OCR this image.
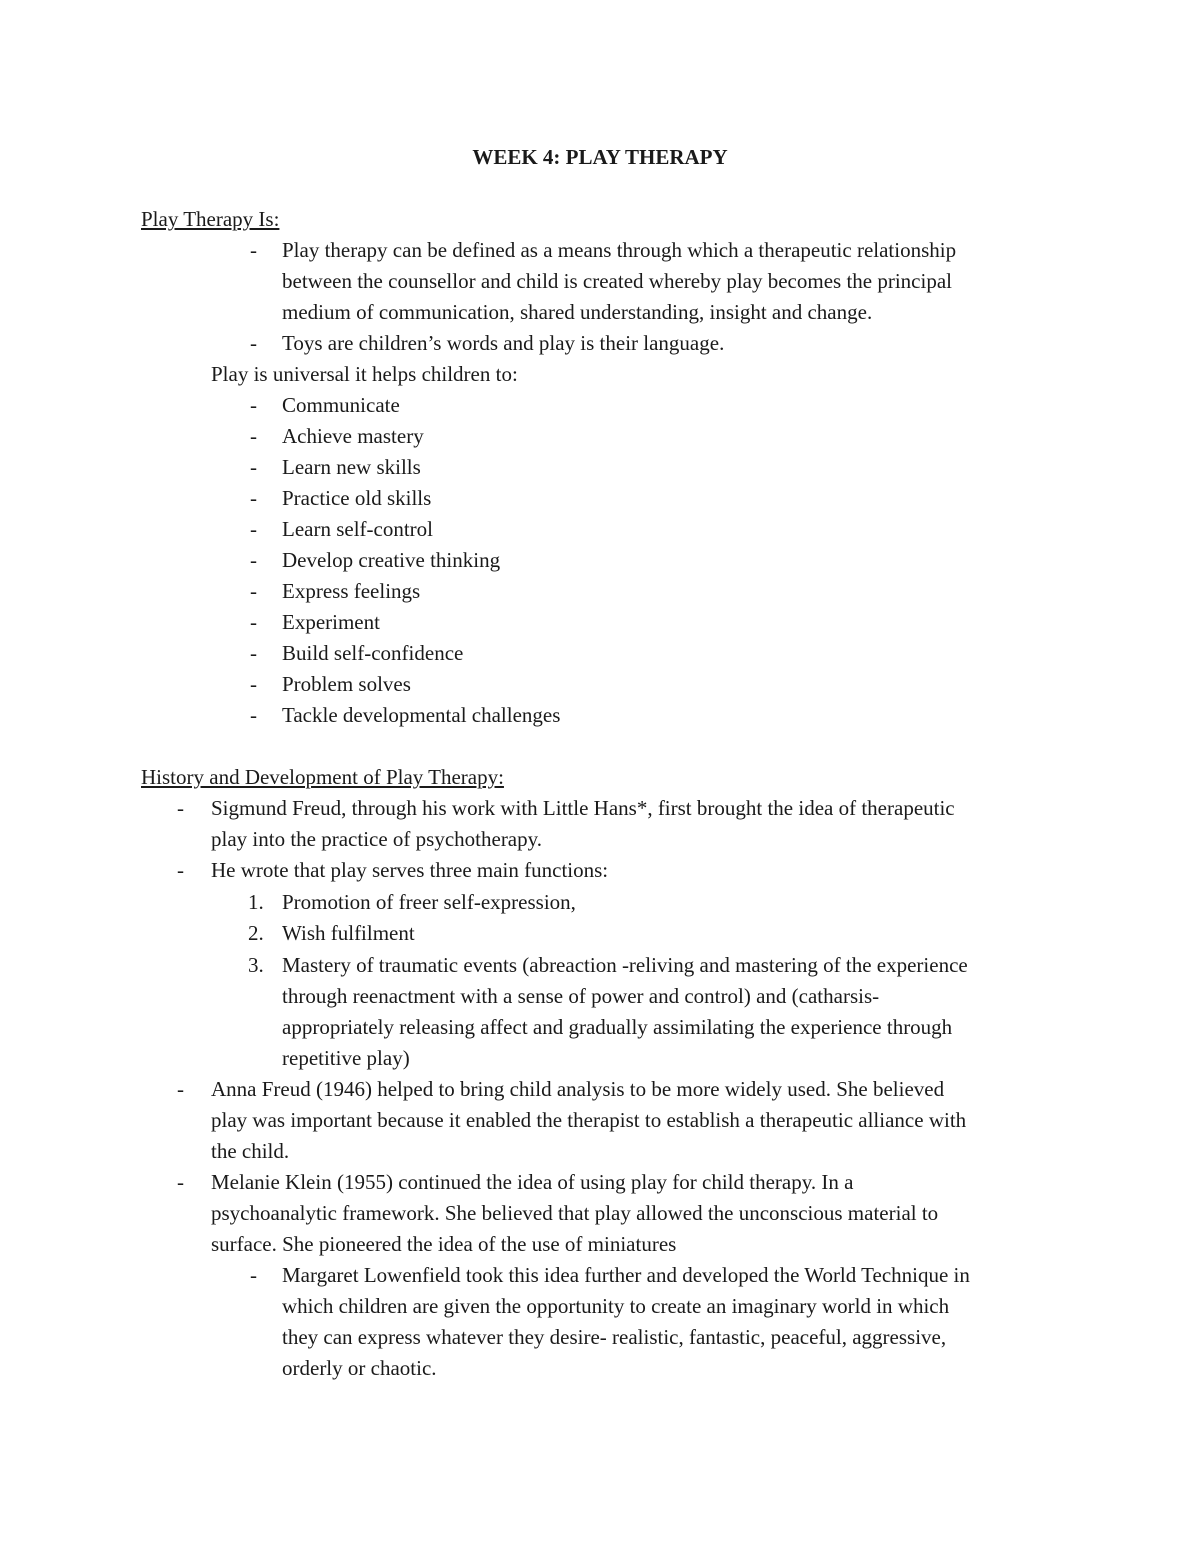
WEEK 4: PLAY THERAPY
Play Therapy Is:
- Play therapy can be defined as a means through which a therapeutic relationship
between the counsellor and child is created whereby play becomes the principal
medium of communication, shared understanding, insight and change.
- Toys are children’s words and play is their language.
Play is universal it helps children to:
- Communicate
- Achieve mastery
- Learn new skills
- Practice old skills
- Learn self-control
- Develop creative thinking
- Express feelings
- Experiment
- Build self-confidence
- Problem solves
- Tackle developmental challenges
History and Development of Play Therapy:
- Sigmund Freud, through his work with Little Hans*, first brought the idea of therapeutic
play into the practice of psychotherapy.
- He wrote that play serves three main functions:
1. Promotion of freer self-expression,
2. Wish fulfilment
3. Mastery of traumatic events (abreaction -reliving and mastering of the experience
through reenactment with a sense of power and control) and (catharsis-
appropriately releasing affect and gradually assimilating the experience through
repetitive play)
- Anna Freud (1946) helped to bring child analysis to be more widely used. She believed
play was important because it enabled the therapist to establish a therapeutic alliance with
the child.
- Melanie Klein (1955) continued the idea of using play for child therapy. In a
psychoanalytic framework. She believed that play allowed the unconscious material to
surface. She pioneered the idea of the use of miniatures
- Margaret Lowenfield took this idea further and developed the World Technique in
which children are given the opportunity to create an imaginary world in which
they can express whatever they desire- realistic, fantastic, peaceful, aggressive,
orderly or chaotic.
